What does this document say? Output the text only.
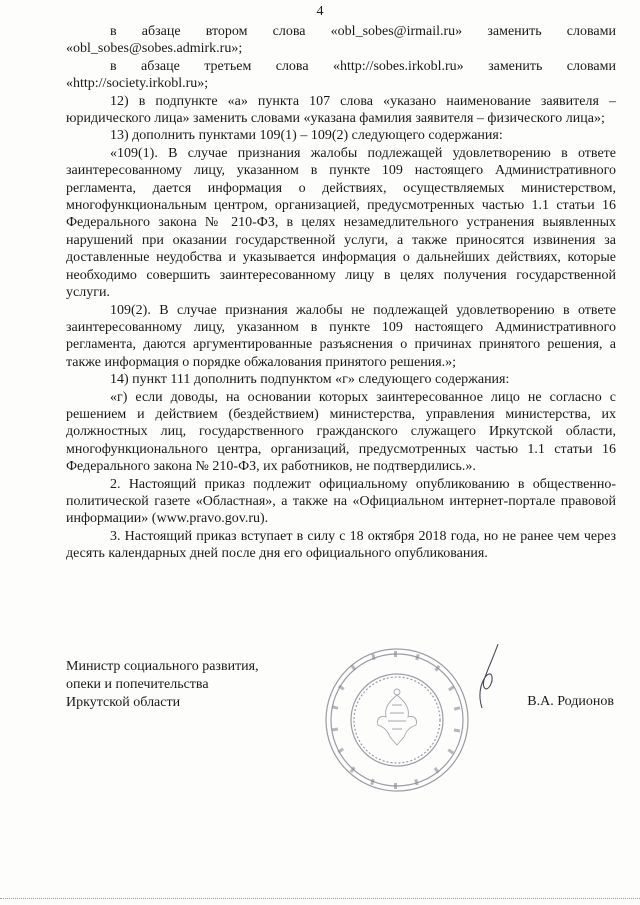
4

в абзаце втором слова «obl_sobes@irmail.ru» заменить словами «obl_sobes@sobes.admirk.ru»;

в абзаце третьем слова «http://sobes.irkobl.ru» заменить словами «http://society.irkobl.ru»;

12) в подпункте «а» пункта 107 слова «указано наименование заявителя – юридического лица» заменить словами «указана фамилия заявителя – физического лица»;

13) дополнить пунктами 109(1) – 109(2) следующего содержания:

«109(1). В случае признания жалобы подлежащей удовлетворению в ответе заинтересованному лицу, указанном в пункте 109 настоящего Административного регламента, дается информация о действиях, осуществляемых министерством, многофункциональным центром, организацией, предусмотренных частью 1.1 статьи 16 Федерального закона № 210-ФЗ, в целях незамедлительного устранения выявленных нарушений при оказании государственной услуги, а также приносятся извинения за доставленные неудобства и указывается информация о дальнейших действиях, которые необходимо совершить заинтересованному лицу в целях получения государственной услуги.

109(2). В случае признания жалобы не подлежащей удовлетворению в ответе заинтересованному лицу, указанном в пункте 109 настоящего Административного регламента, даются аргументированные разъяснения о причинах принятого решения, а также информация о порядке обжалования принятого решения.»;

14) пункт 111 дополнить подпунктом «г» следующего содержания:

«г) если доводы, на основании которых заинтересованное лицо не согласно с решением и действием (бездействием) министерства, управления министерства, их должностных лиц, государственного гражданского служащего Иркутской области, многофункционального центра, организаций, предусмотренных частью 1.1 статьи 16 Федерального закона № 210-ФЗ, их работников, не подтвердились.».

2. Настоящий приказ подлежит официальному опубликованию в общественно-политической газете «Областная», а также на «Официальном интернет-портале правовой информации» (www.pravo.gov.ru).

3. Настоящий приказ вступает в силу с 18 октября 2018 года, но не ранее чем через десять календарных дней после дня его официального опубликования.

Министр социального развития,
опеки и попечительства
Иркутской области	В.А. Родионов
